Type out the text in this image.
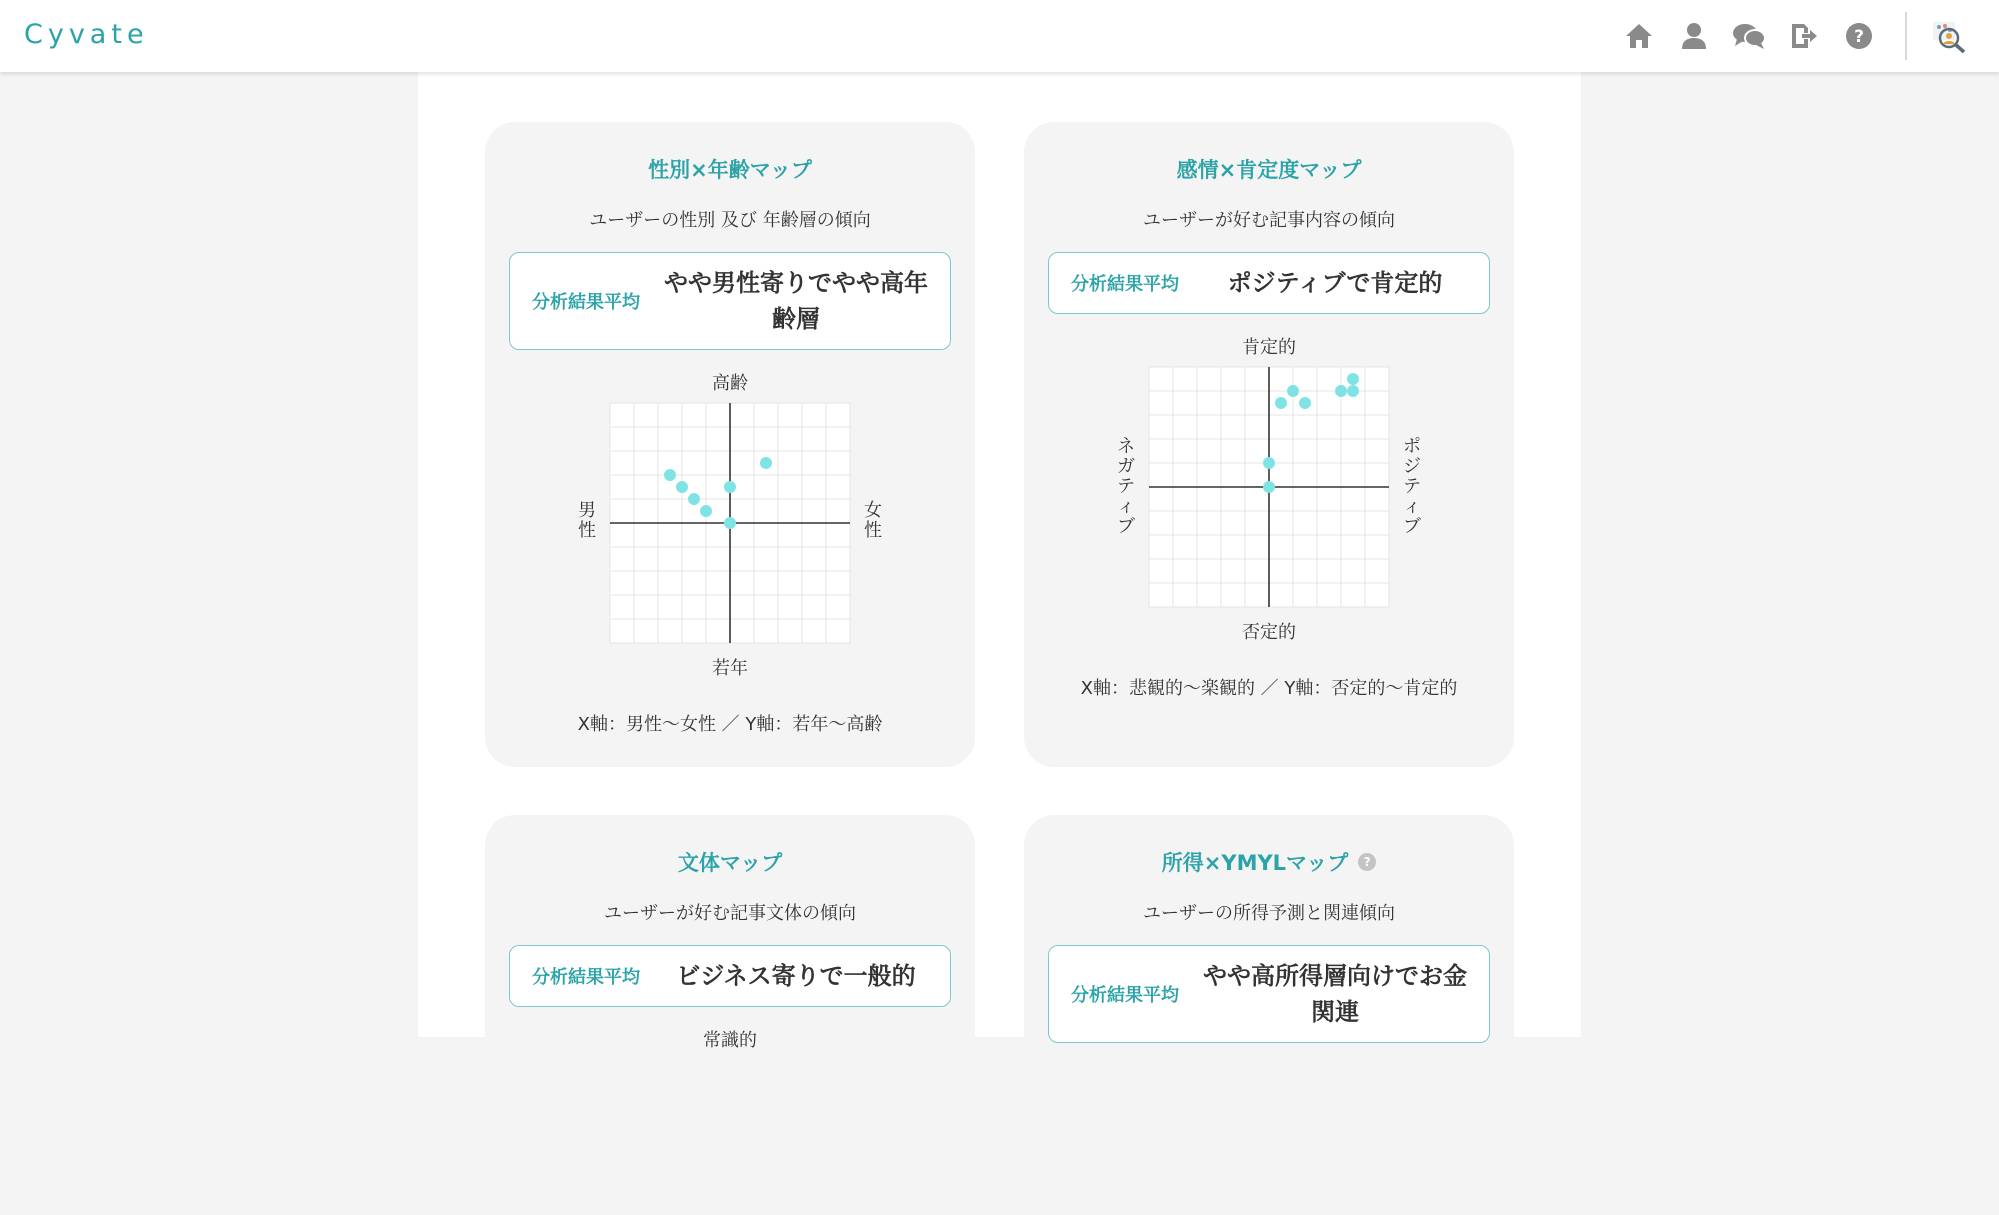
Cyvate	?
性別×年齢マップ
ユーザーの性別 及び 年齢層の傾向
分析結果平均
やや男性寄りでやや高年齢層
高齢
男性
女性
若年
X軸：男性〜女性 ／ Y軸：若年〜高齢
感情×肯定度マップ
ユーザーが好む記事内容の傾向
分析結果平均	ポジティブで肯定的
肯定的
ネガティブ
ポジティブ
否定的
X軸：悲観的〜楽観的 ／ Y軸：否定的〜肯定的
文体マップ
ユーザーが好む記事文体の傾向
分析結果平均	ビジネス寄りで一般的
常識的
所得×YMYLマップ	?
ユーザーの所得予測と関連傾向
分析結果平均
やや高所得層向けでお金関連
